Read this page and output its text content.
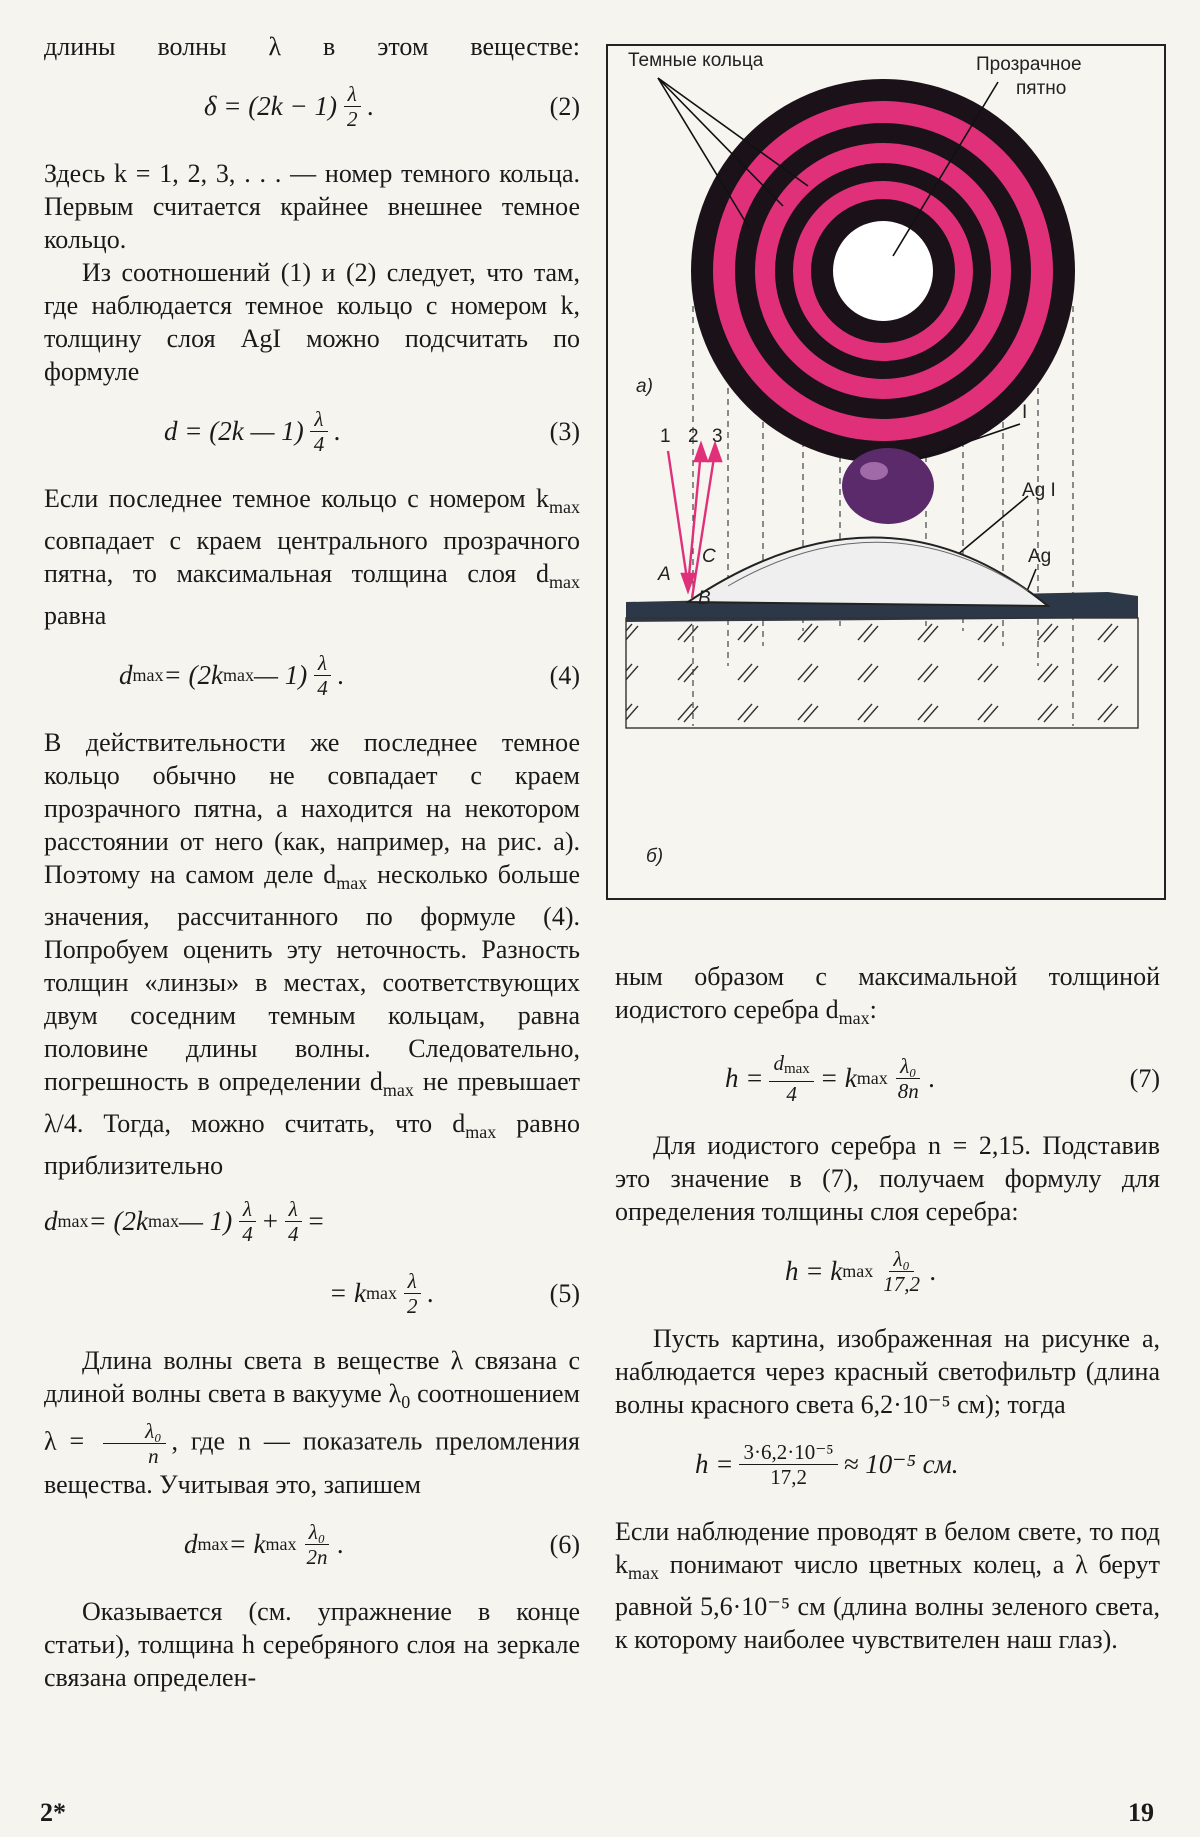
длины волны λ в этом веществе:

$\delta = (2k - 1) \frac{\lambda}{2}$ .	(2)

Здесь k = 1, 2, 3, . . . — номер темного кольца. Первым считается крайнее внешнее темное кольцо.

Из соотношений (1) и (2) следует, что там, где наблюдается темное кольцо с номером k, толщину слоя AgI можно подсчитать по формуле

d = (2k — $1) \frac{\lambda}{4}$ .	(3)

Если последнее темное кольцо с номером $k_{max}$ совпадает с краем центрального прозрачного пятна, то максимальная толщина слоя $d_{max}$ равна

d max = (2k max — $1) \frac{\lambda}{4}$ .	(4)

В действительности же последнее темное кольцо обычно не совпадает с краем прозрачного пятна, а находится на некотором расстоянии от него (как, например, на рис. а). Поэтому на самом деле $d_{max}$ несколько больше значения, рассчитанного по формуле (4). Попробуем оценить эту неточность. Разность толщин «линзы» в местах, соответствующих двум соседним темным кольцам, равна половине длины волны. Следовательно, погрешность в определении $d_{max}$ не превышает λ/4. Тогда, можно считать, что $d_{max}$ равно приблизительно

d max = (2k max — $1) \frac{\lambda}{4} + \frac{\lambda}{4}$ =
= k $\max \frac{\lambda}{2}$ .	(5)

Длина волны света в веществе λ связана с длиной волны света в вакууме $\lambda_0$ соотношением $\lambda = \frac{\text{λ₀}}{n}$ , где n — показатель преломления вещества. Учитывая это, запишем

d max = k $\max \frac{\text{λ₀}}{2n}$ .	(6)

Оказывается (см. упражнение в конце статьи), толщина h серебряного слоя на зеркале связана определен-

Темные кольца	Прозрачное
пятно
а)
б)
I
Ag I
Ag
1 2 3
A
B
C

ным образом с максимальной толщиной иодистого серебра $d_{max}$:

$h = \frac{d_{max}}{4} = k$ $\max \frac{\text{λ₀}}{8n}$ .	(7)

Для иодистого серебра n = 2,15. Подставив это значение в (7), получаем формулу для определения толщины слоя серебра:

h = k $\max \frac{\text{λ₀}}{17,2}$ .

Пусть картина, изображенная на рисунке а, наблюдается через красный светофильтр (длина волны красного света 6,2·10⁻⁵ см); тогда

$h = \frac{\text{3·6,2·10⁻⁵}}{17,2} \approx 10^{-5}$ см.

Если наблюдение проводят в белом свете, то под $k_{max}$ понимают число цветных колец, а λ берут равной 5,6·10⁻⁵ см (длина волны зеленого света, к которому наиболее чувствителен наш глаз).

2*	19
